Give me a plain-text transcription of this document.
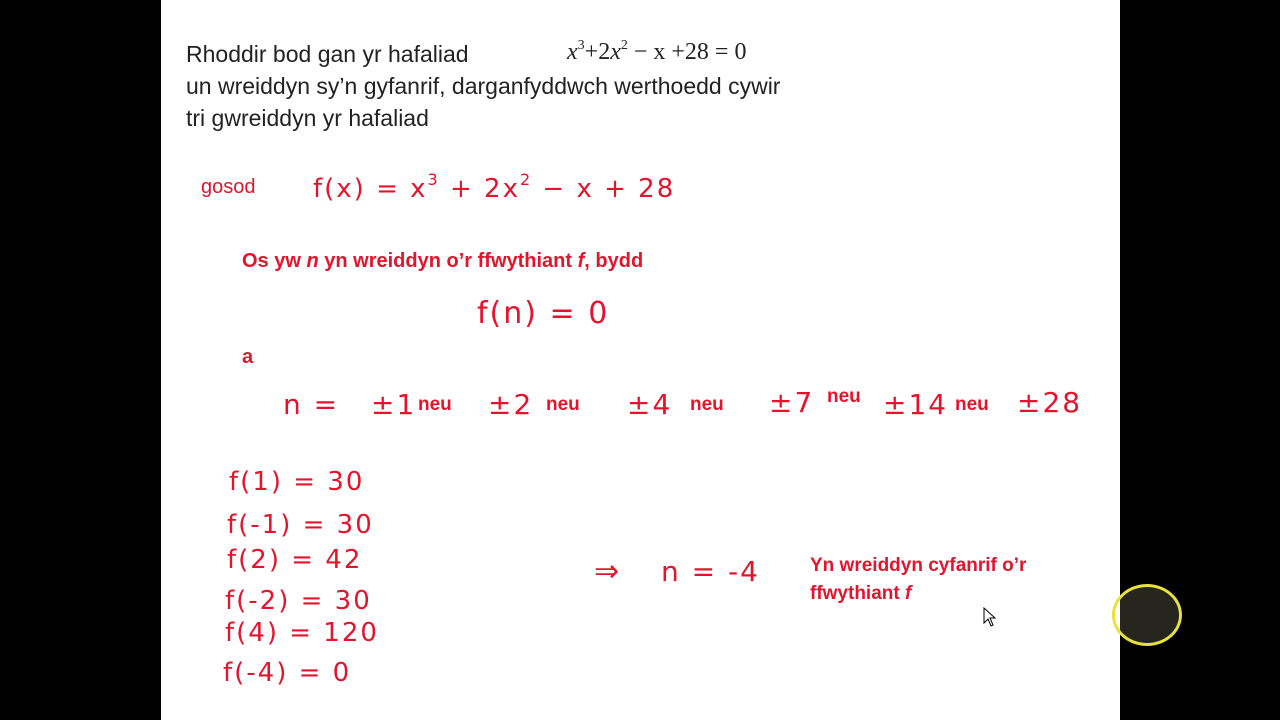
Rhoddir bod gan yr hafaliad	$x^3+2x^2 - x +28 = 0$
un wreiddyn sy’n gyfanrif, darganfyddwch werthoedd cywir
tri gwreiddyn yr hafaliad
gosod $f(x) = x^3 + 2x^2 - x + 28$
Os yw n yn wreiddyn o’r ffwythiant f, bydd
f(n) = 0
a
n = ±1 neu ±2 neu ±4 neu ±7 neu ±14 neu ±28
f(1) = 30
f(-1) = 30
f(2) = 42
f(-2) = 30
f(4) = 120
f(-4) = 0
⇒ n = -4	Yn wreiddyn cyfanrif o’r
ffwythiant f
